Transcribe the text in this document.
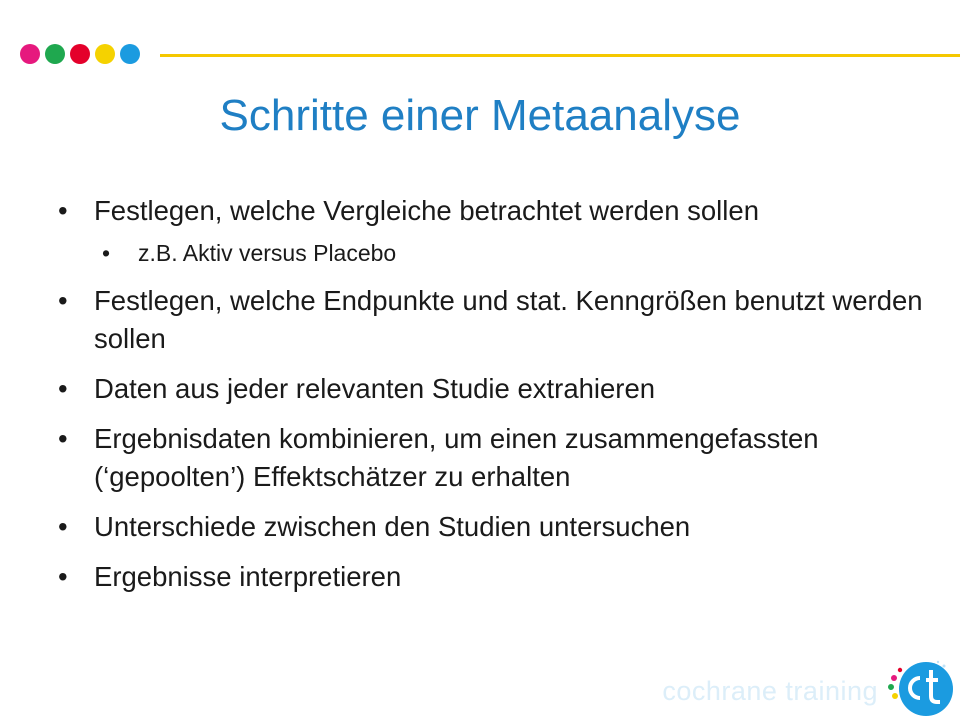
Schritte einer Metaanalyse
• Festlegen, welche Vergleiche betrachtet werden sollen
• z.B. Aktiv versus Placebo
• Festlegen, welche Endpunkte und stat. Kenngrößen benutzt werden sollen
• Daten aus jeder relevanten Studie extrahieren
• Ergebnisdaten kombinieren, um einen zusammengefassten (‘gepoolten’) Effektschätzer zu erhalten
• Unterschiede zwischen den Studien untersuchen
• Ergebnisse interpretieren
cochrane training
